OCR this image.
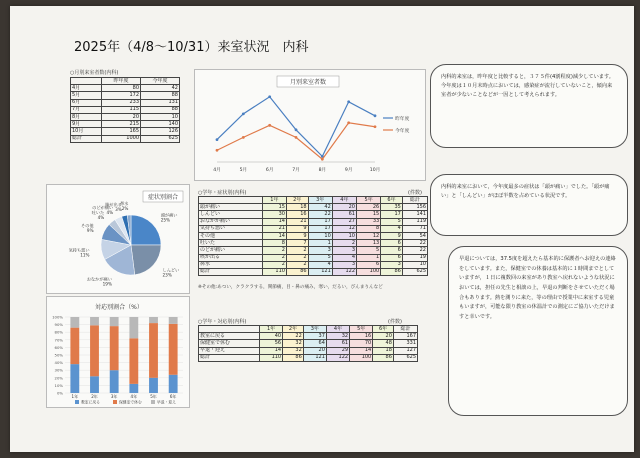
2025年（4/8～10/31）来室状況　内科
○月別来室者数(内科)
	昨年度	今年度
4月	80	42
5月	172	88
6月	233	131
7月	115	88
8月	20	10
9月	215	140
10月	165	126
総計	1000	625
月別来室者数
4月	5月	6月	7月	8月	9月	10月
昨年度
今年度

内科的来室は，昨年度と比較すると，３７５件(4割程度)減少しています。今年度は１０月末時点においては，感染症が流行していないこと，傾向来室者が少ないことなどが一因として考えられます。

症状別割合
頭が痛い
25%
しんどい
23%
おなかが痛い
19%
気持ち悪い
11%
その他
9%
吐いた
4%
のどが痛い
4%
咳が出る
3%
鼻水
2%
○学年・症状別(内科)	(件数)
	1年	2年	3年	4年	5年	6年	総計
頭が痛い	15	18	42	20	26	35	156
しんどい	30	16	22	61	15	17	141
おなかが痛い	14	21	17	27	33	5	119
気持ち悪い	21	9	17	12	8	4	71
その他	14	9	10	10	12	9	54
吐いた	8	7	1	2	13	6	22
のどが痛い	2	2	3	3	5	6	22
咳が出る	2	2	5	4	1	6	19
鼻水	2	2	4	3	6	3	10
総計	110	86	121	122	100	86	625
※その他:あつい，クラクラする，関節痛，目・鼻の痛み，寒い，だるい，ぴんまりんなど

内科的来室において，今年度最多の症状は「頭が痛い」でした。「頭が痛い」と「しんどい」がほぼ半数を占めている状況です。

対応別割合（%）
0%
10%
20%
30%
40%
50%
60%
70%
80%
90%
100%
1年	2年	3年	4年	5年	6年
教室に戻る	保健室で休む	早退・迎え
○学年・対応別(内科)	(件数)
	1年	2年	3年	4年	5年	6年	総計
教室に戻る	40	22	37	32	16	20	167
保健室で休む	56	32	64	61	70	48	331
早退・迎え	14	32	20	29	14	18	127
総計	110	86	121	122	100	86	625

早退については，37.5度を超えたら基本的に保護者へお迎えの連絡をしています。また，保健室での休養は基本的に１時間までとしていますが，１日に複数回の来室があり教室へ戻れないような状況においては，担任の先生と相談の上，早退の判断をさせていただく場合もあります。熱を測りに来た，等の理由で授業中に来室する児童もいますが，可能な限り教室の休温計での測定にご協力いただけますと幸いです。
